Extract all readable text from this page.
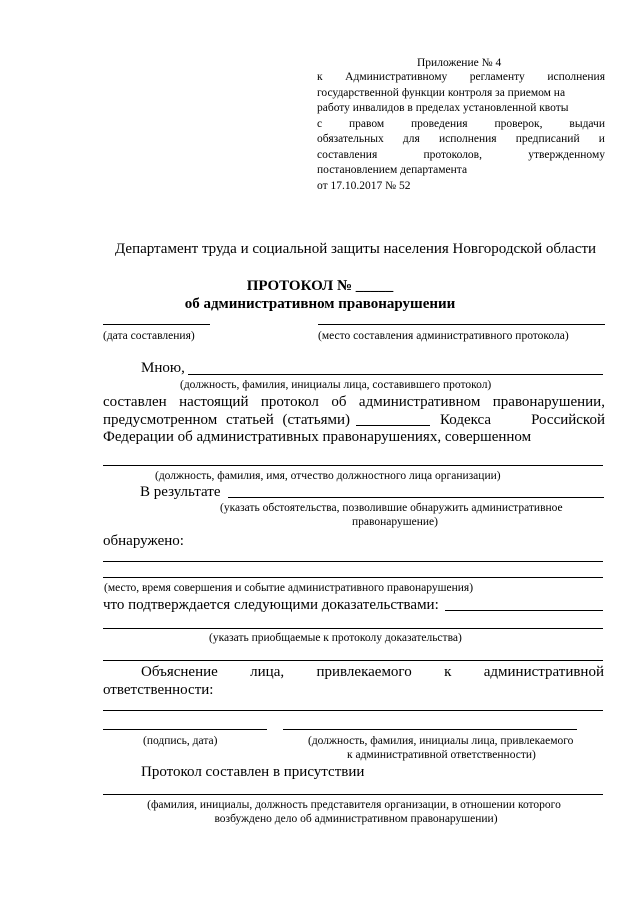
Приложение № 4
к Административному регламенту исполнения
государственной функции контроля за приемом на
работу инвалидов в пределах установленной квоты
с правом проведения проверок, выдачи
обязательных для исполнения предписаний и
составления	протоколов,	утвержденному
постановлением департамента
от 17.10.2017 № 52
Департамент труда и социальной защиты населения Новгородской области
ПРОТОКОЛ № _____
об административном правонарушении
(дата составления)	(место составления административного протокола)
Мною,
(должность, фамилия, инициалы лица, составившего протокол)
составлен настоящий протокол об административном правонарушении,
предусмотренном статьей (статьями)	Кодекса	Российской
Федерации об административных правонарушениях, совершенном
(должность, фамилия, имя, отчество должностного лица организации)
В результате
(указать обстоятельства, позволившие обнаружить административное
правонарушение)
обнаружено:
(место, время совершения и событие административного правонарушения)
что подтверждается следующими доказательствами:
(указать приобщаемые к протоколу доказательства)
Объяснение лица, привлекаемого к административной
ответственности:
(подпись, дата)	(должность, фамилия, инициалы лица, привлекаемого
к административной ответственности)
Протокол составлен в присутствии
(фамилия, инициалы, должность представителя организации, в отношении которого
возбуждено дело об административном правонарушении)
